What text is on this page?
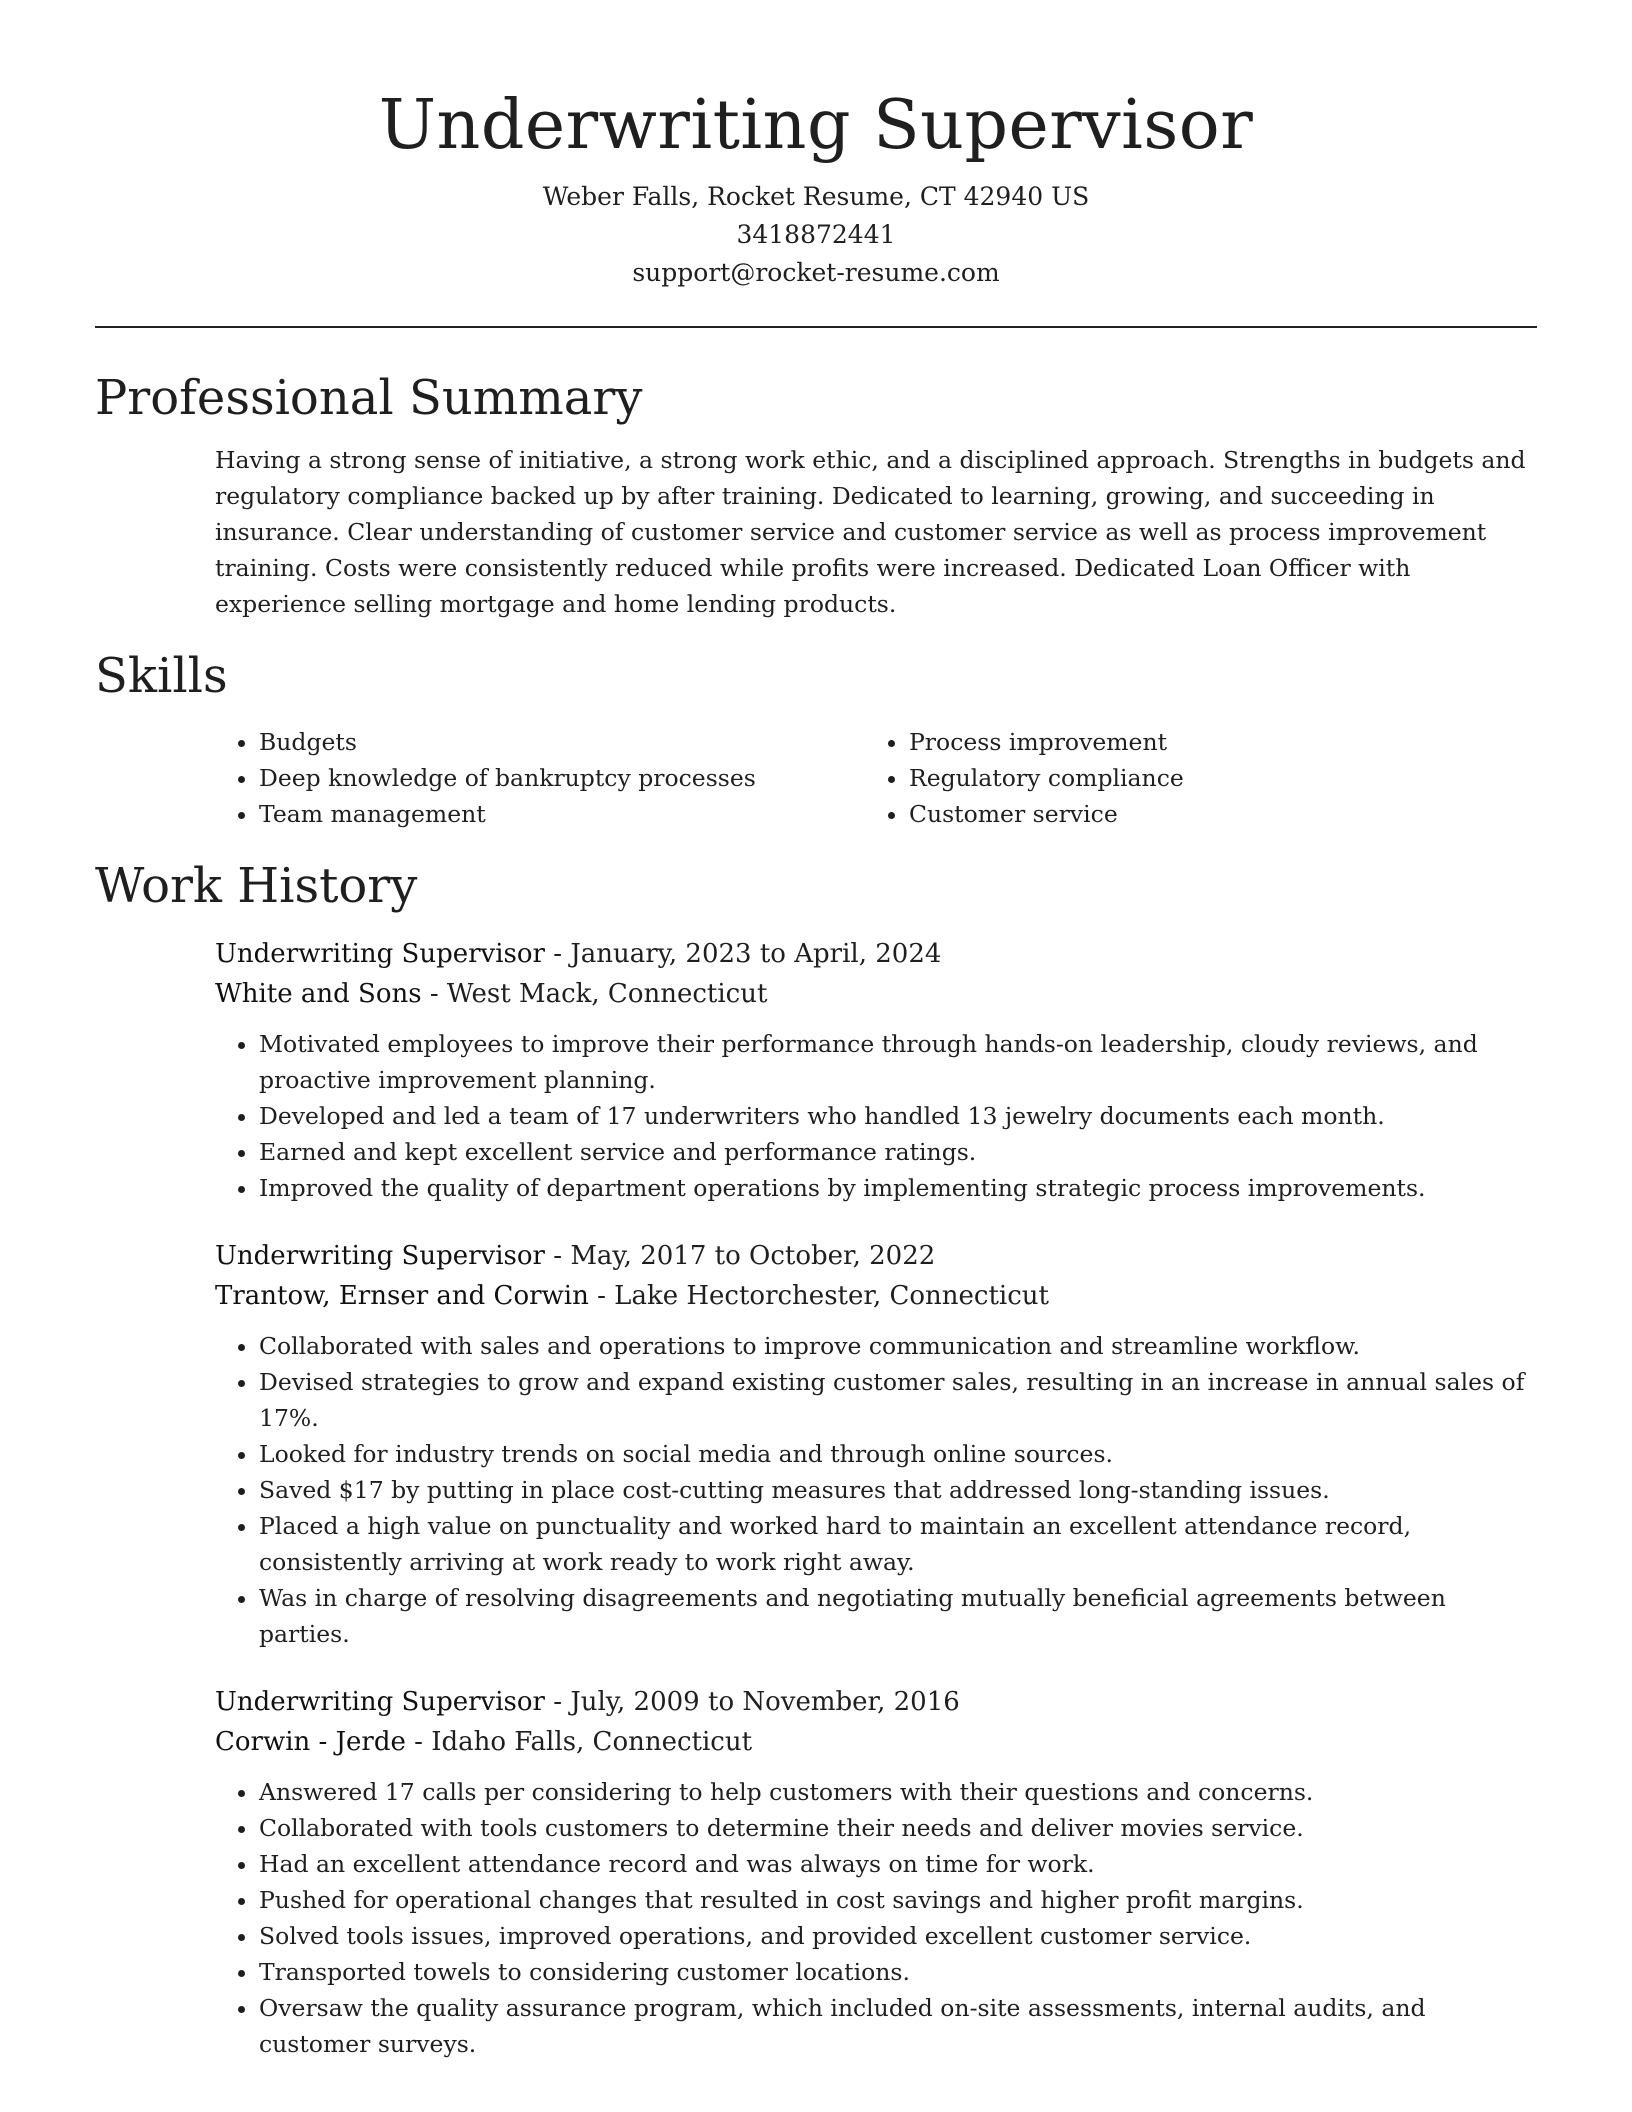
Underwriting Supervisor

Weber Falls, Rocket Resume, CT 42940 US

3418872441

support@rocket-resume.com

Professional Summary

Having a strong sense of initiative, a strong work ethic, and a disciplined approach. Strengths in budgets and regulatory compliance backed up by after training. Dedicated to learning, growing, and succeeding in insurance. Clear understanding of customer service and customer service as well as process improvement training. Costs were consistently reduced while profits were increased. Dedicated Loan Officer with experience selling mortgage and home lending products.

Skills
• Budgets
• Deep knowledge of bankruptcy processes
• Team management
• Process improvement
• Regulatory compliance
• Customer service
Work History

Underwriting Supervisor - January, 2023 to April, 2024

White and Sons - West Mack, Connecticut

• Motivated employees to improve their performance through hands-on leadership, cloudy reviews, and proactive improvement planning.
• Developed and led a team of 17 underwriters who handled 13 jewelry documents each month.
• Earned and kept excellent service and performance ratings.
• Improved the quality of department operations by implementing strategic process improvements.

Underwriting Supervisor - May, 2017 to October, 2022

Trantow, Ernser and Corwin - Lake Hectorchester, Connecticut

• Collaborated with sales and operations to improve communication and streamline workflow.
• Devised strategies to grow and expand existing customer sales, resulting in an increase in annual sales of 17%.
• Looked for industry trends on social media and through online sources.
• Saved $17 by putting in place cost-cutting measures that addressed long-standing issues.
• Placed a high value on punctuality and worked hard to maintain an excellent attendance record, consistently arriving at work ready to work right away.
• Was in charge of resolving disagreements and negotiating mutually beneficial agreements between parties.

Underwriting Supervisor - July, 2009 to November, 2016

Corwin - Jerde - Idaho Falls, Connecticut

• Answered 17 calls per considering to help customers with their questions and concerns.
• Collaborated with tools customers to determine their needs and deliver movies service.
• Had an excellent attendance record and was always on time for work.
• Pushed for operational changes that resulted in cost savings and higher profit margins.
• Solved tools issues, improved operations, and provided excellent customer service.
• Transported towels to considering customer locations.
• Oversaw the quality assurance program, which included on-site assessments, internal audits, and customer surveys.
